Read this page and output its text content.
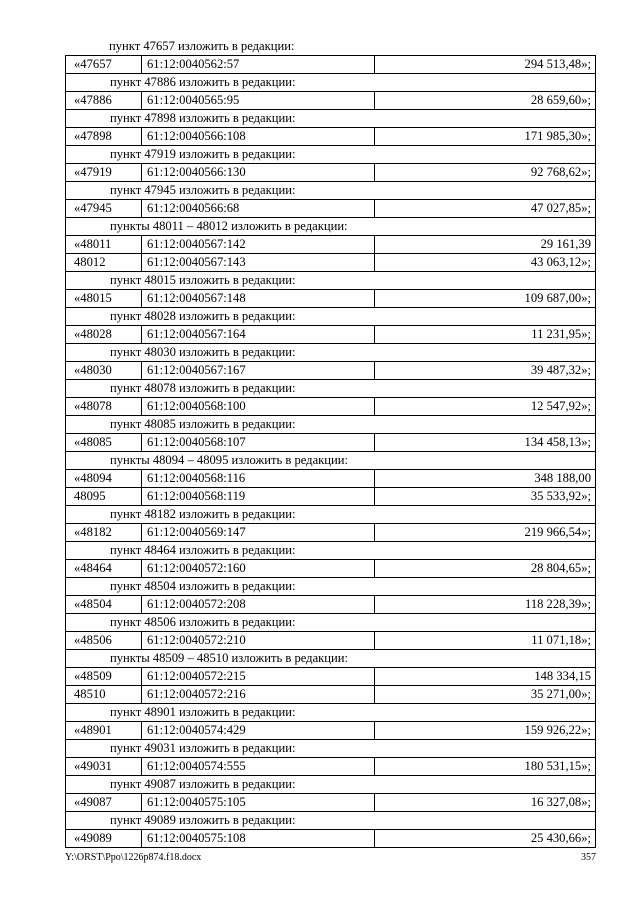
пункт 47657 изложить в редакции:
«47657	61:12:0040562:57	294 513,48»;
пункт 47886 изложить в редакции:
«47886	61:12:0040565:95	28 659,60»;
пункт 47898 изложить в редакции:
«47898	61:12:0040566:108	171 985,30»;
пункт 47919 изложить в редакции:
«47919	61:12:0040566:130	92 768,62»;
пункт 47945 изложить в редакции:
«47945	61:12:0040566:68	47 027,85»;
пункты 48011 – 48012 изложить в редакции:
«48011	61:12:0040567:142	29 161,39
48012	61:12:0040567:143	43 063,12»;
пункт 48015 изложить в редакции:
«48015	61:12:0040567:148	109 687,00»;
пункт 48028 изложить в редакции:
«48028	61:12:0040567:164	11 231,95»;
пункт 48030 изложить в редакции:
«48030	61:12:0040567:167	39 487,32»;
пункт 48078 изложить в редакции:
«48078	61:12:0040568:100	12 547,92»;
пункт 48085 изложить в редакции:
«48085	61:12:0040568:107	134 458,13»;
пункты 48094 – 48095 изложить в редакции:
«48094	61:12:0040568:116	348 188,00
48095	61:12:0040568:119	35 533,92»;
пункт 48182 изложить в редакции:
«48182	61:12:0040569:147	219 966,54»;
пункт 48464 изложить в редакции:
«48464	61:12:0040572:160	28 804,65»;
пункт 48504 изложить в редакции:
«48504	61:12:0040572:208	118 228,39»;
пункт 48506 изложить в редакции:
«48506	61:12:0040572:210	11 071,18»;
пункты 48509 – 48510 изложить в редакции:
«48509	61:12:0040572:215	148 334,15
48510	61:12:0040572:216	35 271,00»;
пункт 48901 изложить в редакции:
«48901	61:12:0040574:429	159 926,22»;
пункт 49031 изложить в редакции:
«49031	61:12:0040574:555	180 531,15»;
пункт 49087 изложить в редакции:
«49087	61:12:0040575:105	16 327,08»;
пункт 49089 изложить в редакции:
«49089	61:12:0040575:108	25 430,66»;
Y:\ORST\Ppo\1226p874.f18.docx	357
